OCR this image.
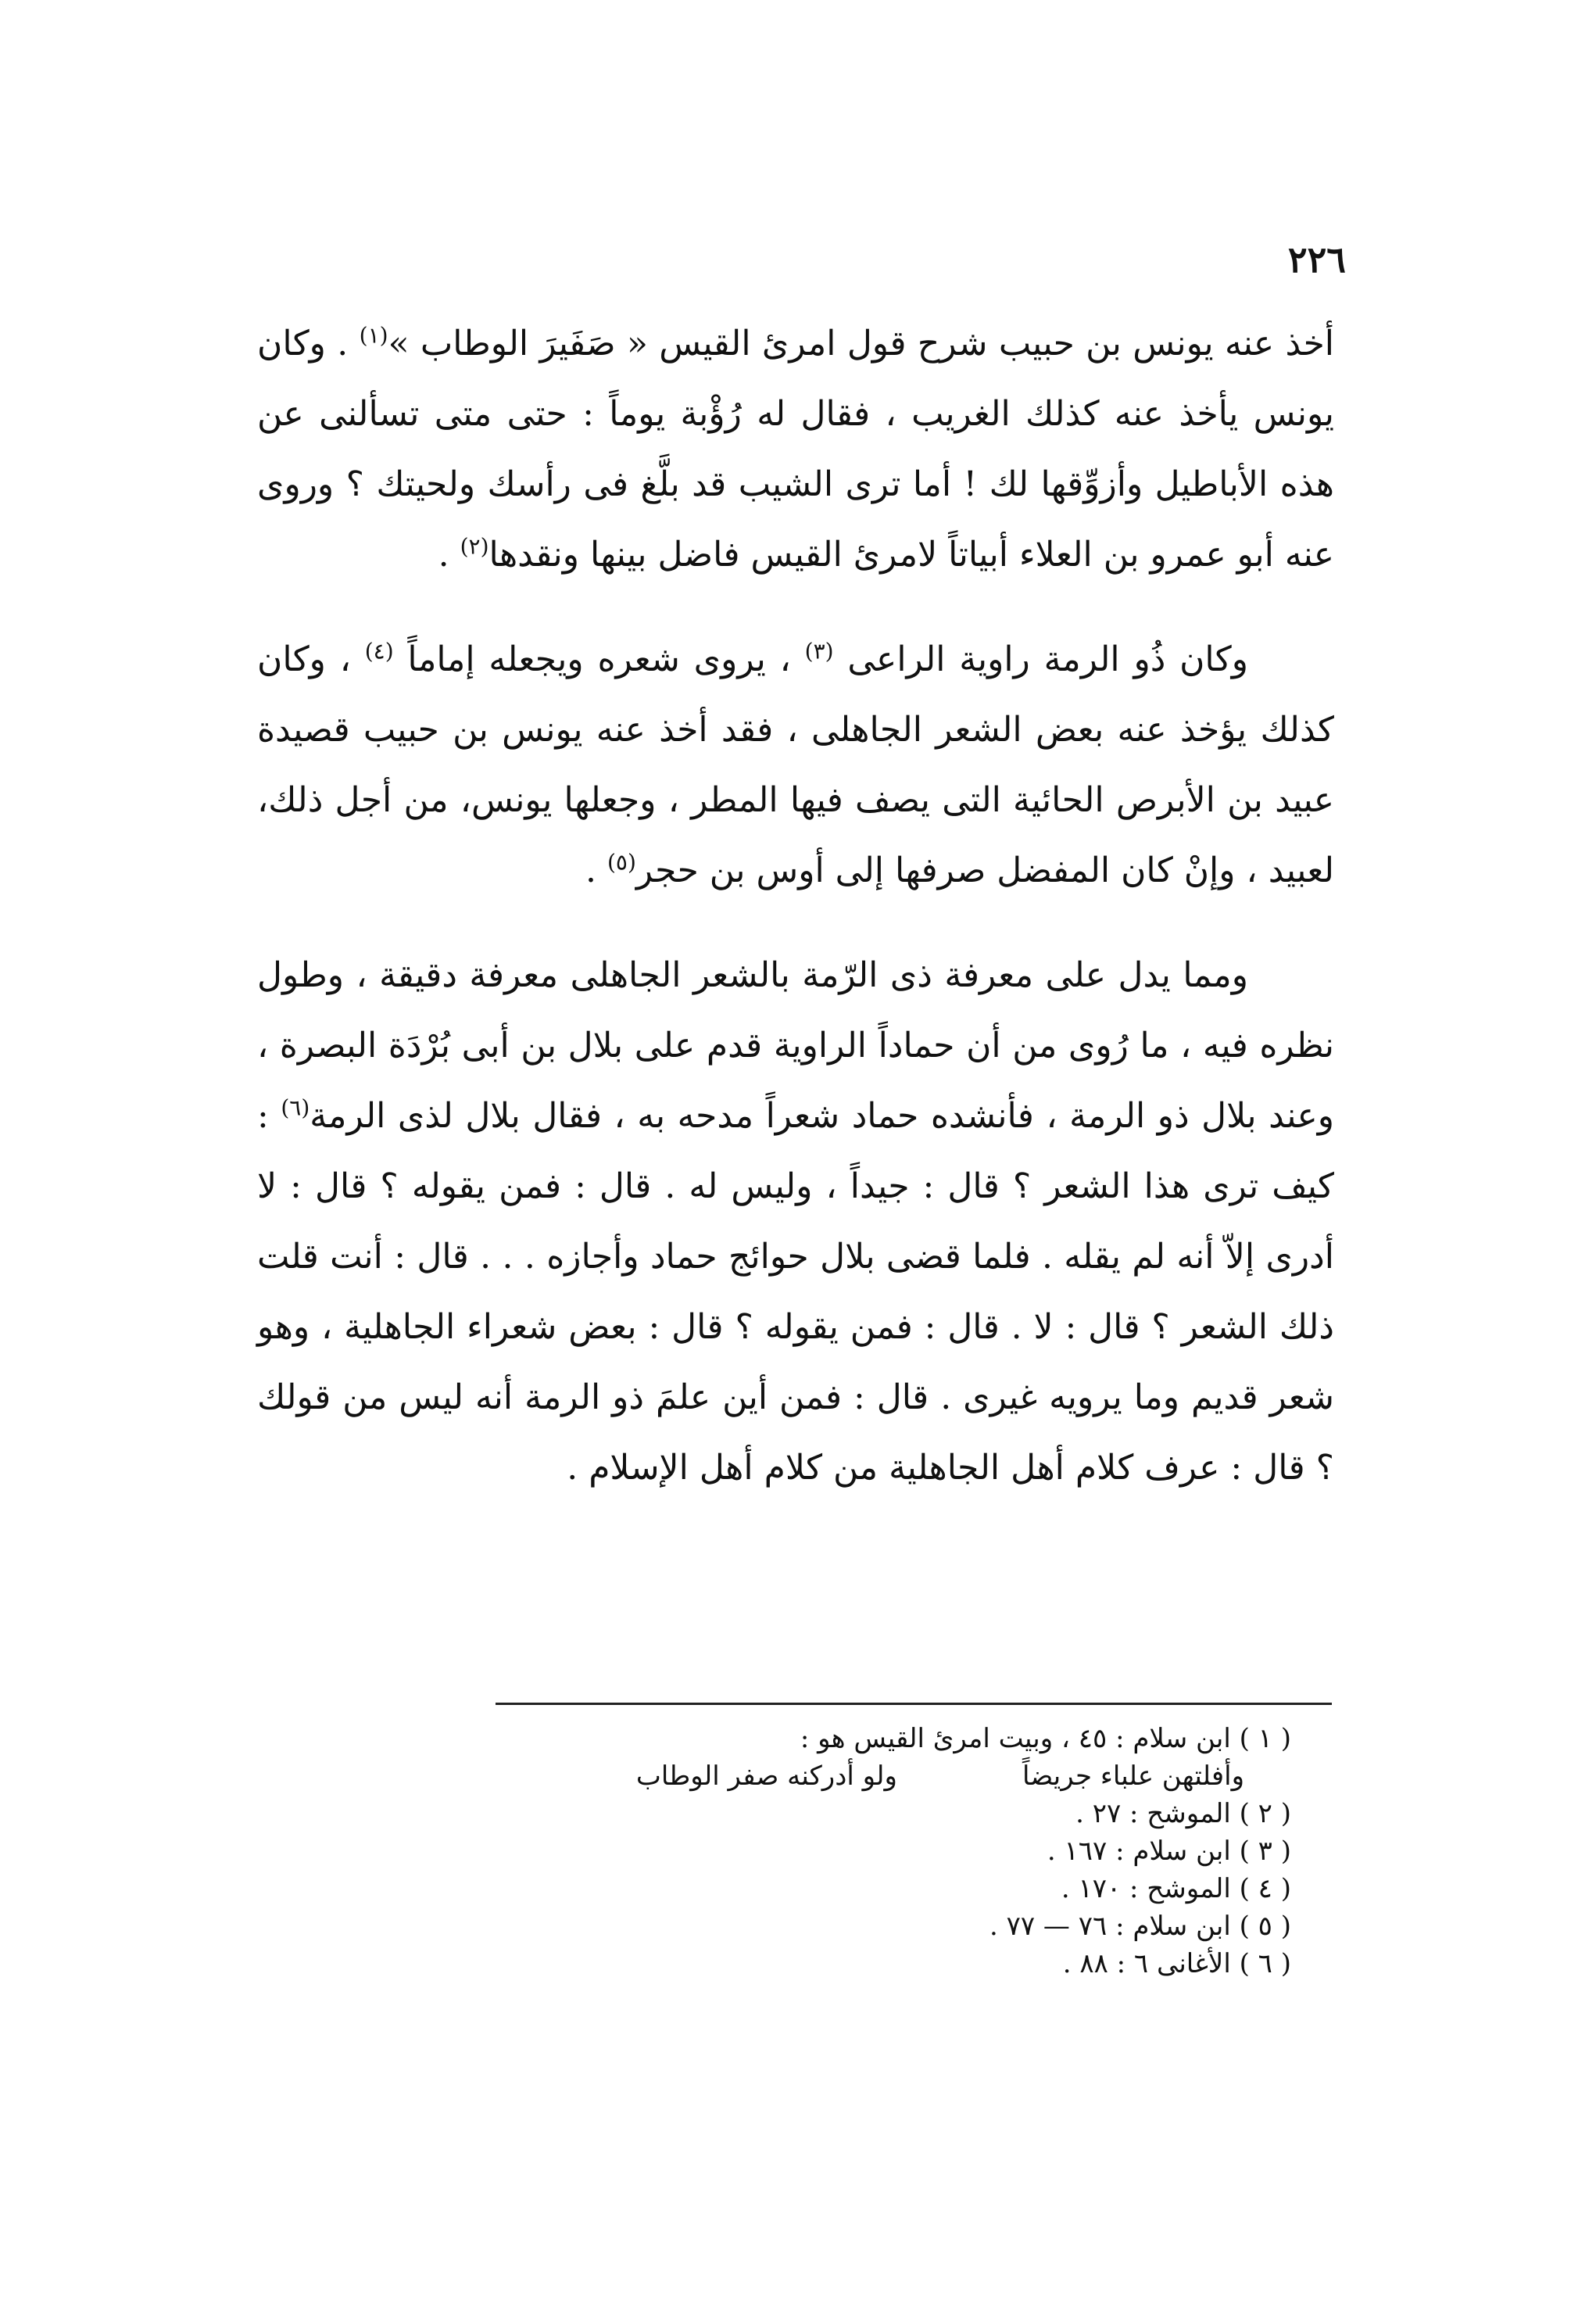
٢٢٦

أخذ عنه يونس بن حبيب شرح قول امرئ القيس « صَفَيرَ الوطاب »$^{(١)}$ . وكان يونس يأخذ عنه كذلك الغريب ، فقال له رُؤْبة يوماً : حتى متى تسألنى عن هذه الأباطيل وأزوِّقها لك ! أما ترى الشيب قد بلَّغ فى رأسك ولحيتك ؟ وروى عنه أبو عمرو بن العلاء أبياتاً لامرئ القيس فاضل بينها ونقدها$^{(٢)}$ .

وكان ذُو الرمة راوية الراعى $^{(٣)}$ ، يروى شعره ويجعله إماماً $^{(٤)}$ ، وكان كذلك يؤخذ عنه بعض الشعر الجاهلى ، فقد أخذ عنه يونس بن حبيب قصيدة عبيد بن الأبرص الحائية التى يصف فيها المطر ، وجعلها يونس، من أجل ذلك، لعبيد ، وإنْ كان المفضل صرفها إلى أوس بن حجر$^{(٥)}$ .

ومما يدل على معرفة ذى الرّمة بالشعر الجاهلى معرفة دقيقة ، وطول نظره فيه ، ما رُوى من أن حماداً الراوية قدم على بلال بن أبى بُرْدَة البصرة ، وعند بلال ذو الرمة ، فأنشده حماد شعراً مدحه به ، فقال بلال لذى الرمة$^{(٦)}$ : كيف ترى هذا الشعر ؟ قال : جيداً ، وليس له . قال : فمن يقوله ؟ قال : لا أدرى إلاّ أنه لم يقله . فلما قضى بلال حوائج حماد وأجازه . . . قال : أنت قلت ذلك الشعر ؟ قال : لا . قال : فمن يقوله ؟ قال : بعض شعراء الجاهلية ، وهو شعر قديم وما يرويه غيرى . قال : فمن أين علمَ ذو الرمة أنه ليس من قولك ؟ قال : عرف كلام أهل الجاهلية من كلام أهل الإسلام .

( ١ ) ابن سلام : ٤٥ ، وبيت امرئ القيس هو :

وأفلتهن علباء جريضاً
ولو أدركنه صفر الوطاب

( ٢ ) الموشح : ٢٧ .

( ٣ ) ابن سلام : ١٦٧ .

( ٤ ) الموشح : ١٧٠ .

( ٥ ) ابن سلام : ٧٦ — ٧٧ .

( ٦ ) الأغانى ٦ : ٨٨ .
